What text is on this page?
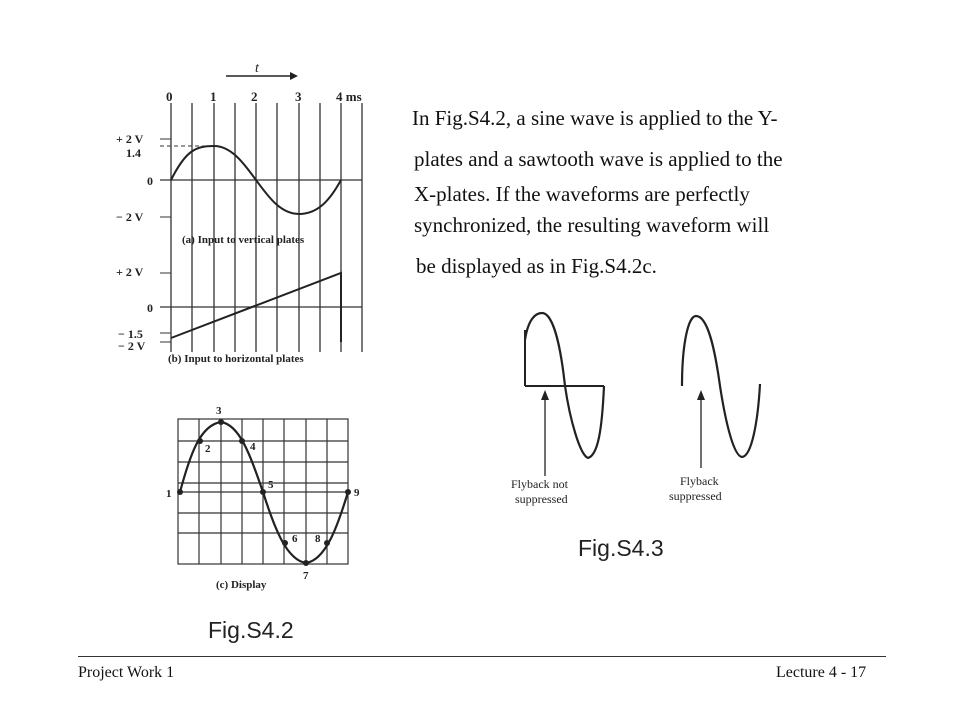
t
0	1	2	3	4 ms
+ 2 V
1.4
0
− 2 V
(a) Input to vertical plates
+ 2 V
0
− 1.5
− 2 V
(b) Input to horizontal plates
1
2
3
4
5
6
7
8
9
(c) Display
Fig.S4.2
In Fig.S4.2, a sine wave is applied to the Y-
plates and a sawtooth wave is applied to the
X-plates. If the waveforms are perfectly
synchronized, the resulting waveform will
be displayed as in Fig.S4.2c.
Flyback not
suppressed
Flyback
suppressed
Fig.S4.3
Project Work 1	Lecture 4 - 17
